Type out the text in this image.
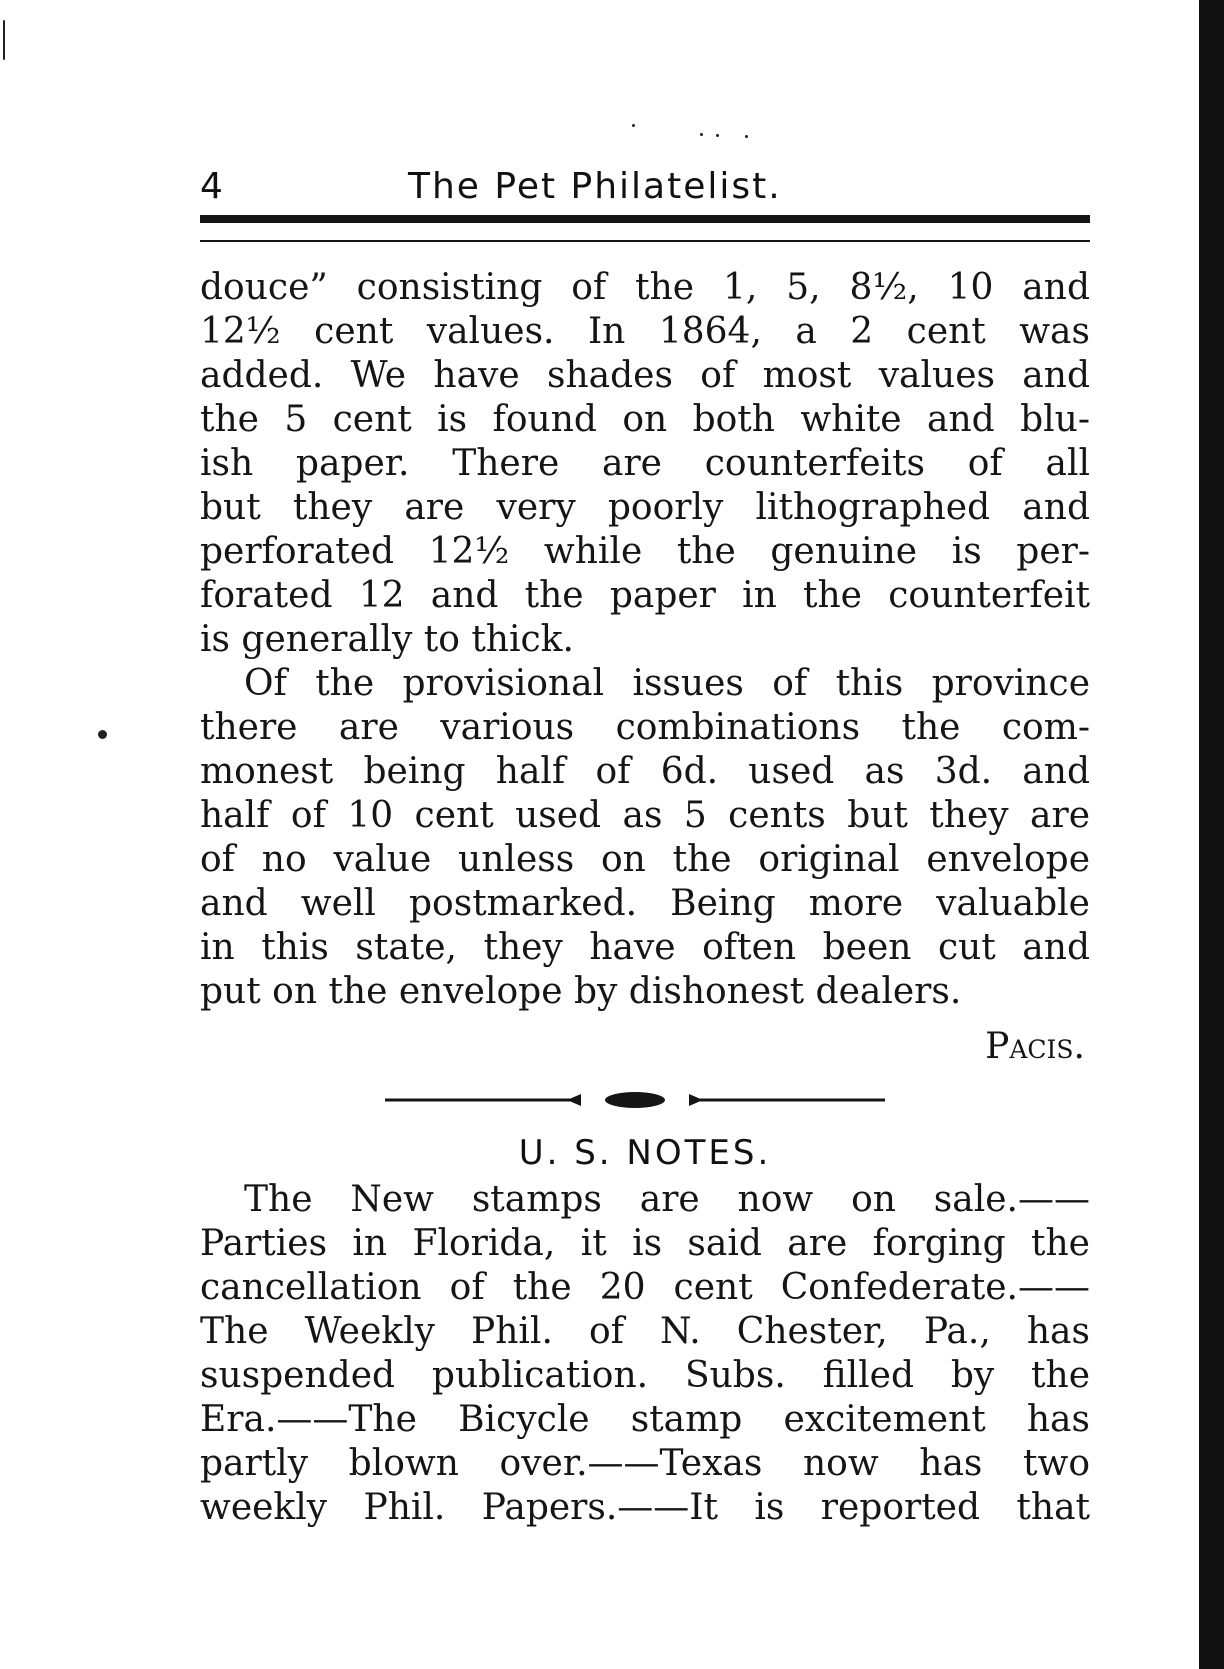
4	The Pet Philatelist.
douce” consisting of the 1, 5, 8½, 10 and
12½ cent values. In 1864, a 2 cent was
added. We have shades of most values and
the 5 cent is found on both white and blu-
ish paper. There are counterfeits of all
but they are very poorly lithographed and
perforated 12½ while the genuine is per-
forated 12 and the paper in the counterfeit
is generally to thick.
Of the provisional issues of this province
there are various combinations the com-
monest being half of 6d. used as 3d. and
half of 10 cent used as 5 cents but they are
of no value unless on the original envelope
and well postmarked. Being more valuable
in this state, they have often been cut and
put on the envelope by dishonest dealers.
Pacis.
U. S. NOTES.
The New stamps are now on sale.——
Parties in Florida, it is said are forging the
cancellation of the 20 cent Confederate.——
The Weekly Phil. of N. Chester, Pa., has
suspended publication. Subs. filled by the
Era.——The Bicycle stamp excitement has
partly blown over.——Texas now has two
weekly Phil. Papers.——It is reported that
